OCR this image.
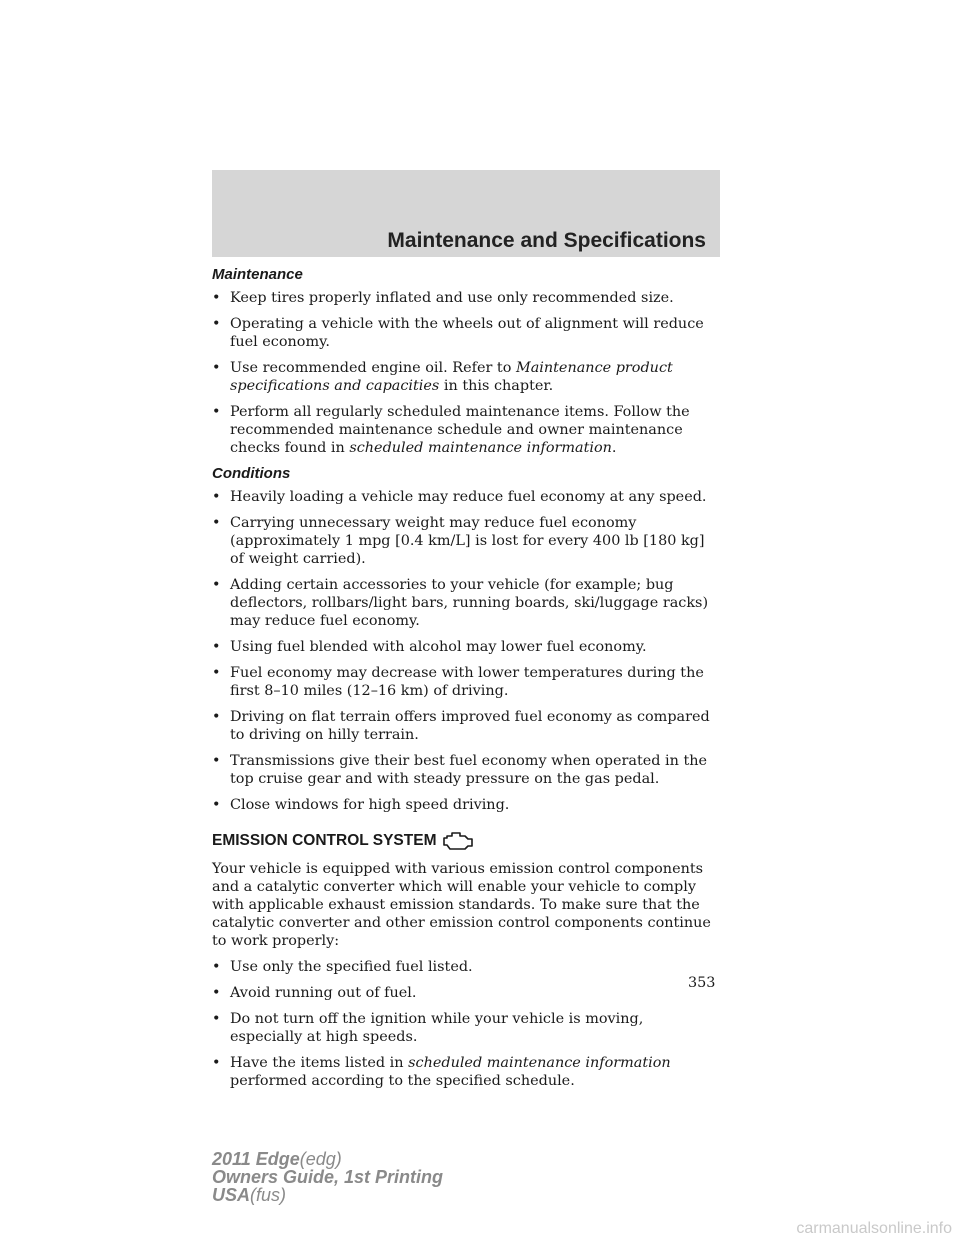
Maintenance and Specifications
Maintenance
• Keep tires properly inflated and use only recommended size.
• Operating a vehicle with the wheels out of alignment will reduce fuel economy.
• Use recommended engine oil. Refer to Maintenance product specifications and capacities in this chapter.
• Perform all regularly scheduled maintenance items. Follow the recommended maintenance schedule and owner maintenance checks found in scheduled maintenance information.
Conditions
• Heavily loading a vehicle may reduce fuel economy at any speed.
• Carrying unnecessary weight may reduce fuel economy (approximately 1 mpg [0.4 km/L] is lost for every 400 lb [180 kg] of weight carried).
• Adding certain accessories to your vehicle (for example; bug deflectors, rollbars/light bars, running boards, ski/luggage racks) may reduce fuel economy.
• Using fuel blended with alcohol may lower fuel economy.
• Fuel economy may decrease with lower temperatures during the first 8–10 miles (12–16 km) of driving.
• Driving on flat terrain offers improved fuel economy as compared to driving on hilly terrain.
• Transmissions give their best fuel economy when operated in the top cruise gear and with steady pressure on the gas pedal.
• Close windows for high speed driving.
EMISSION CONTROL SYSTEM

Your vehicle is equipped with various emission control components and a catalytic converter which will enable your vehicle to comply with applicable exhaust emission standards. To make sure that the catalytic converter and other emission control components continue to work properly:

• Use only the specified fuel listed.
• Avoid running out of fuel.
• Do not turn off the ignition while your vehicle is moving, especially at high speeds.
• Have the items listed in scheduled maintenance information performed according to the specified schedule.
353
2011 Edge(edg)
Owners Guide, 1st Printing
USA(fus)
carmanualsonline.info
